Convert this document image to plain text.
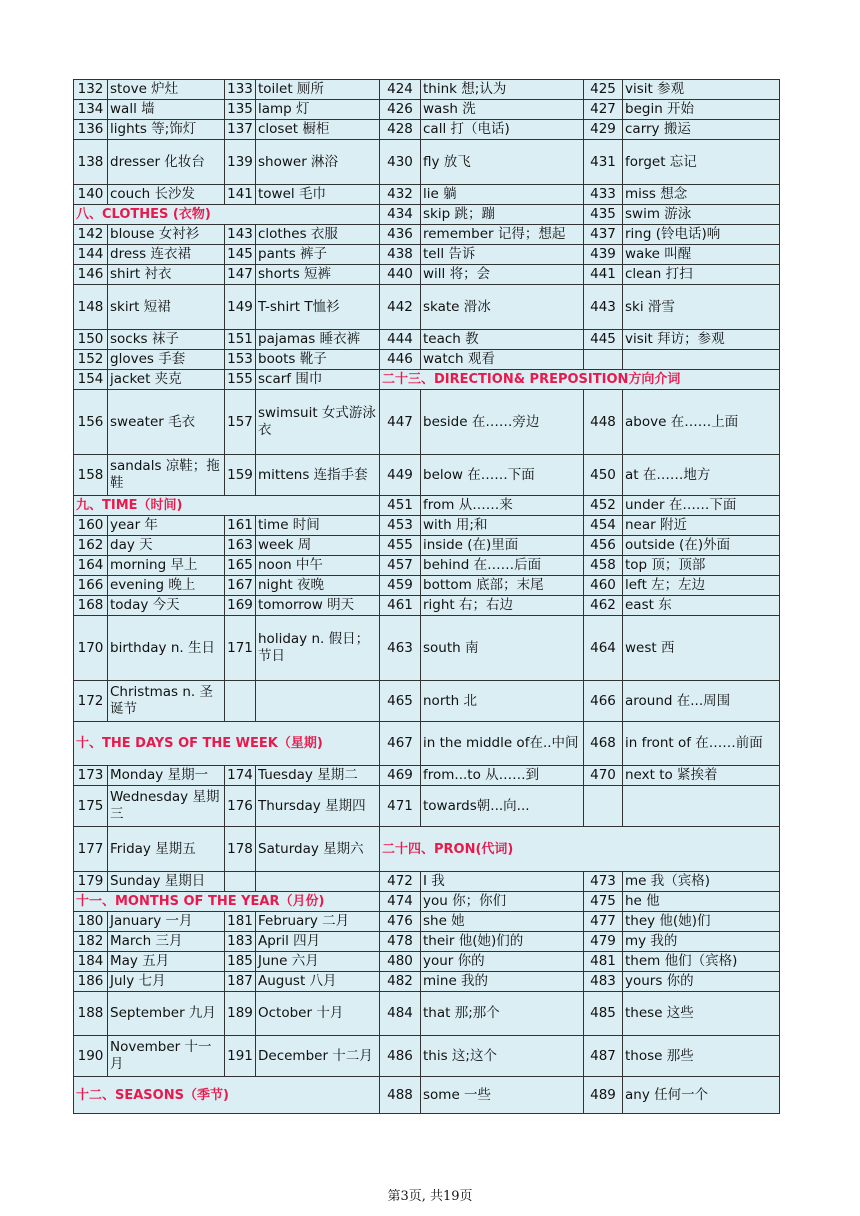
132	stove 炉灶	133	toilet 厕所	424	think 想;认为	425	visit 参观
134	wall 墙	135	lamp 灯	426	wash 洗	427	begin 开始
136	lights 等;饰灯	137	closet 橱柜	428	call 打（电话)	429	carry 搬运
138	dresser 化妆台	139	shower 淋浴	430	fly 放飞	431	forget 忘记
140	couch 长沙发	141	towel 毛巾	432	lie 躺	433	miss 想念
八、CLOTHES (衣物)				434	skip 跳；蹦	435	swim 游泳
142	blouse 女衬衫	143	clothes 衣服	436	remember 记得；想起	437	ring (铃电话)响
144	dress 连衣裙	145	pants 裤子	438	tell 告诉	439	wake 叫醒
146	shirt 衬衣	147	shorts 短裤	440	will 将；会	441	clean 打扫
148	skirt 短裙	149	T-shirt T恤衫	442	skate 滑冰	443	ski 滑雪
150	socks 袜子	151	pajamas 睡衣裤	444	teach 教	445	visit 拜访；参观
152	gloves 手套	153	boots 靴子	446	watch 观看		
154	jacket 夹克	155	scarf 围巾	二十三、DIRECTION& PREPOSITION方向介词			
156	sweater 毛衣	157	swimsuit 女式游泳衣	447	beside 在……旁边	448	above 在……上面
158	sandals 凉鞋；拖鞋	159	mittens 连指手套	449	below 在……下面	450	at 在……地方
九、TIME（时间)				451	from 从……来	452	under 在……下面
160	year 年	161	time 时间	453	with 用;和	454	near 附近
162	day 天	163	week 周	455	inside (在)里面	456	outside (在)外面
164	morning 早上	165	noon 中午	457	behind 在……后面	458	top 顶；顶部
166	evening 晚上	167	night 夜晚	459	bottom 底部；末尾	460	left 左；左边
168	today 今天	169	tomorrow 明天	461	right 右；右边	462	east 东
170	birthday n. 生日	171	holiday n. 假日；节日	463	south 南	464	west 西
172	Christmas n. 圣诞节			465	north 北	466	around 在...周围
十、THE DAYS OF THE WEEK（星期)				467	in the middle of在..中间	468	in front of 在……前面
173	Monday 星期一	174	Tuesday 星期二	469	from...to 从……到	470	next to 紧挨着
175	Wednesday 星期三	176	Thursday 星期四	471	towards朝...向...		
177	Friday 星期五	178	Saturday 星期六	二十四、PRON(代词)			
179	Sunday 星期日			472	I 我	473	me 我（宾格)
十一、MONTHS OF THE YEAR（月份)				474	you 你；你们	475	he 他
180	January 一月	181	February 二月	476	she 她	477	they 他(她)们
182	March 三月	183	April 四月	478	their 他(她)们的	479	my 我的
184	May 五月	185	June 六月	480	your 你的	481	them 他们（宾格)
186	July 七月	187	August 八月	482	mine 我的	483	yours 你的
188	September 九月	189	October 十月	484	that 那;那个	485	these 这些
190	November 十一月	191	December 十二月	486	this 这;这个	487	those 那些
十二、SEASONS（季节)				488	some 一些	489	any 任何一个
第3页, 共19页
